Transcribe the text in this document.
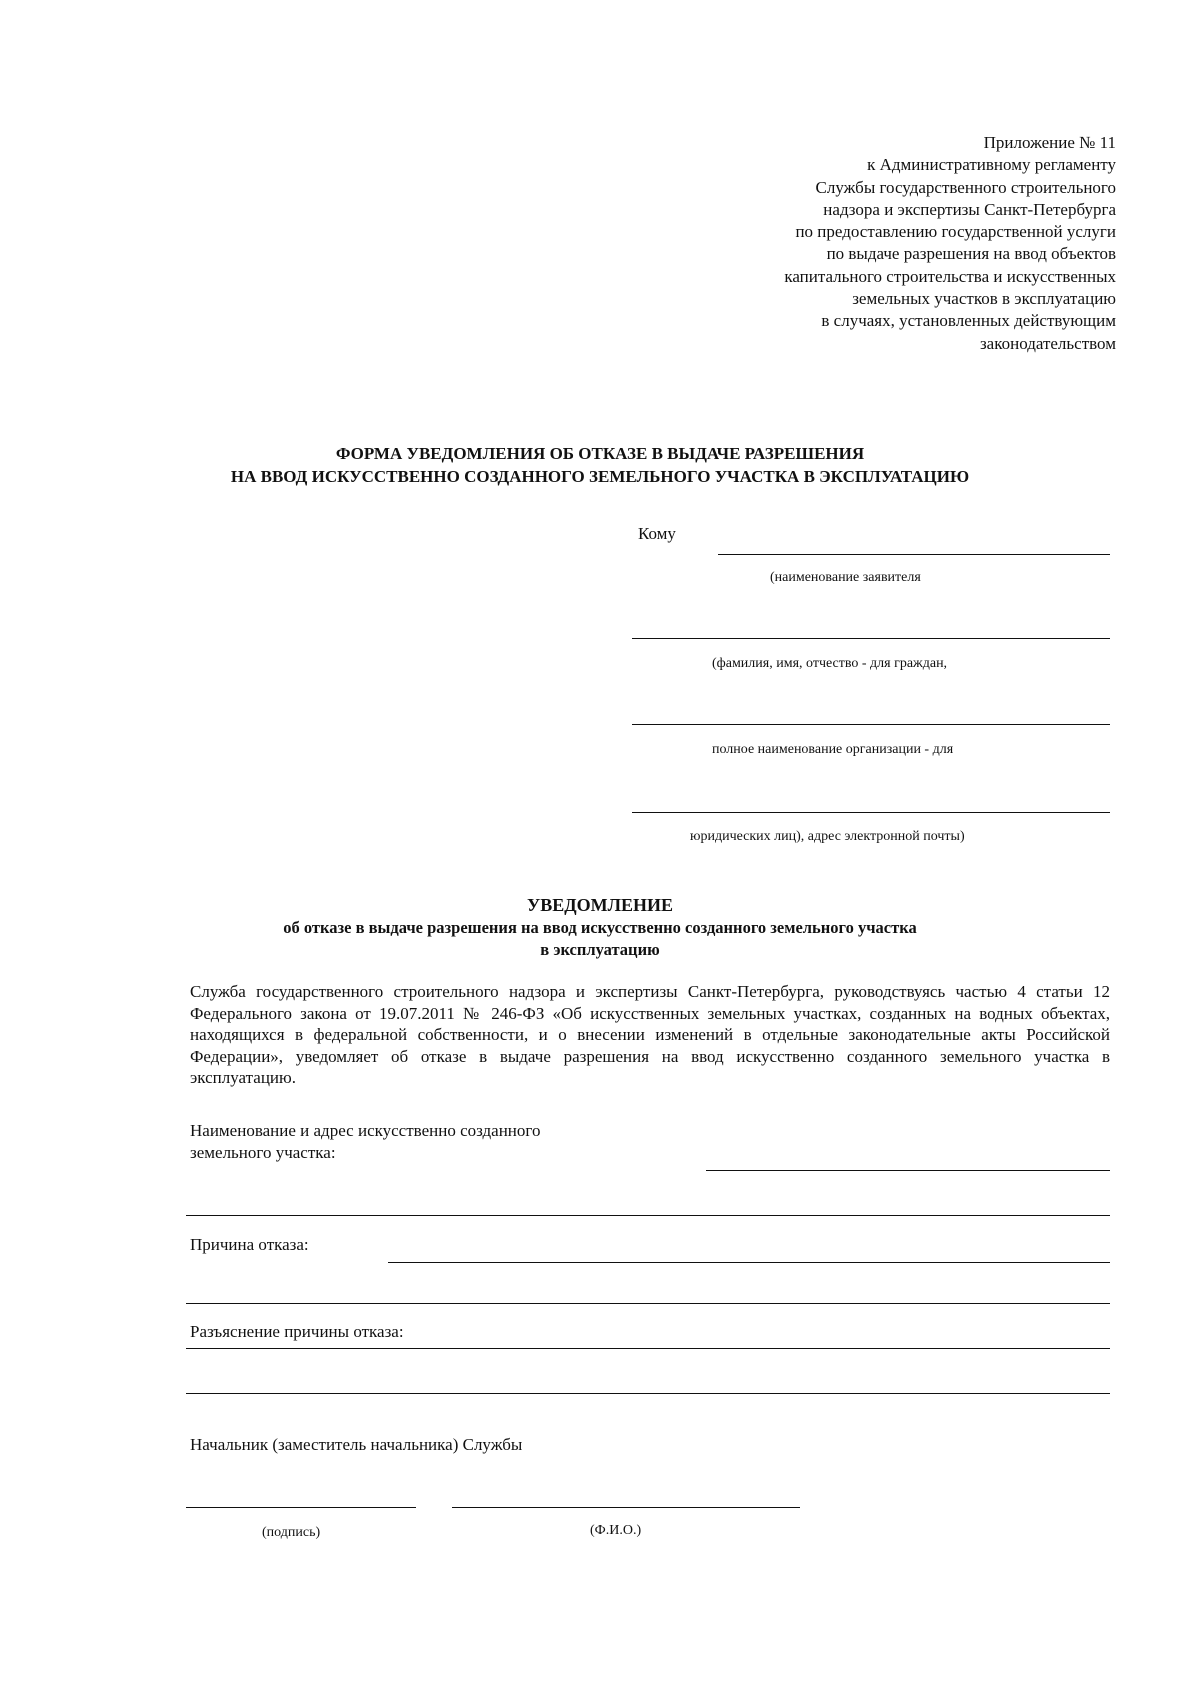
Приложение № 11
к Административному регламенту
Службы государственного строительного
надзора и экспертизы Санкт-Петербурга
по предоставлению государственной услуги
по выдаче разрешения на ввод объектов
капитального строительства и искусственных
земельных участков в эксплуатацию
в случаях, установленных действующим
законодательством
ФОРМА УВЕДОМЛЕНИЯ ОБ ОТКАЗЕ В ВЫДАЧЕ РАЗРЕШЕНИЯ
НА ВВОД ИСКУССТВЕННО СОЗДАННОГО ЗЕМЕЛЬНОГО УЧАСТКА В ЭКСПЛУАТАЦИЮ
Кому
(наименование заявителя
(фамилия, имя, отчество - для граждан,
полное наименование организации - для
юридических лиц), адрес электронной почты)
УВЕДОМЛЕНИЕ
об отказе в выдаче разрешения на ввод искусственно созданного земельного участка
в эксплуатацию
Служба государственного строительного надзора и экспертизы Санкт-Петербурга, руководствуясь частью 4 статьи 12 Федерального закона от 19.07.2011 № 246-ФЗ «Об искусственных земельных участках, созданных на водных объектах, находящихся в федеральной собственности, и о внесении изменений в отдельные законодательные акты Российской Федерации», уведомляет об отказе в выдаче разрешения на ввод искусственно созданного земельного участка в эксплуатацию.
Наименование и адрес искусственно созданного
земельного участка:
Причина отказа:
Разъяснение причины отказа:
Начальник (заместитель начальника) Службы
(подпись)	(Ф.И.О.)
